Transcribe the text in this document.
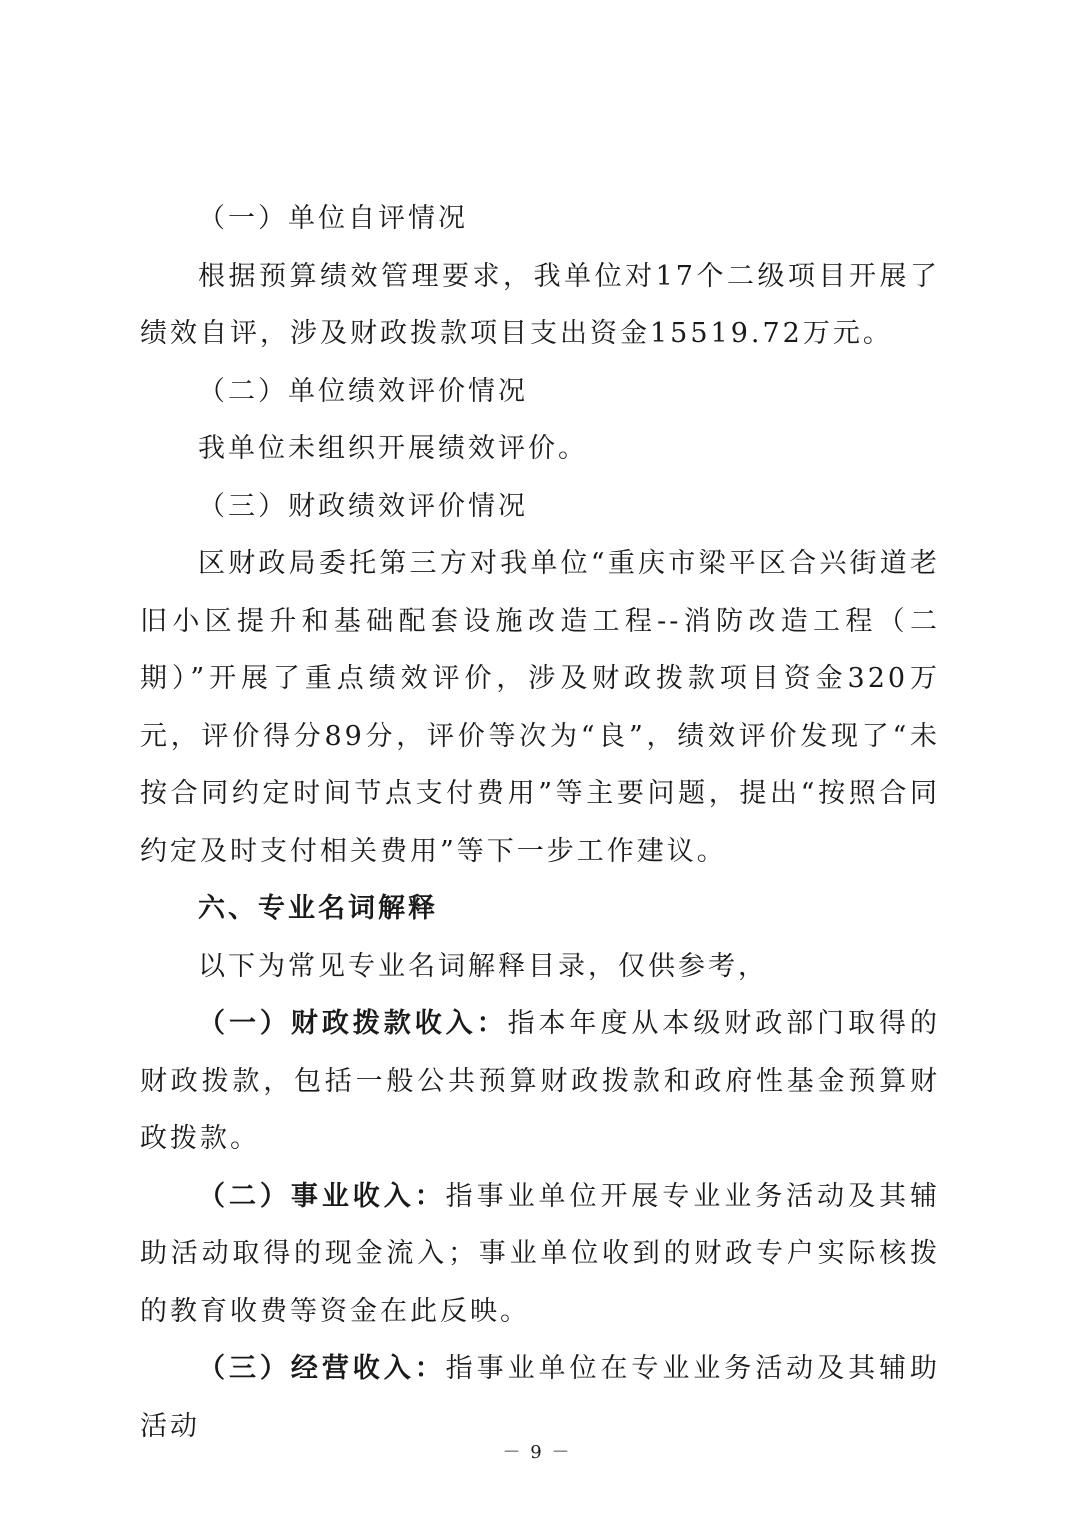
（一）单位自评情况

根据预算绩效管理要求，我单位对17个二级项目开展了绩效自评，涉及财政拨款项目支出资金15519.72万元。

（二）单位绩效评价情况

我单位未组织开展绩效评价。

（三）财政绩效评价情况

区财政局委托第三方对我单位“重庆市梁平区合兴街道老旧小区提升和基础配套设施改造工程--消防改造工程（二期）”开展了重点绩效评价，涉及财政拨款项目资金320万元，评价得分89分，评价等次为“良”，绩效评价发现了“未按合同约定时间节点支付费用”等主要问题，提出“按照合同约定及时支付相关费用”等下一步工作建议。

六、专业名词解释

以下为常见专业名词解释目录，仅供参考，

（一）财政拨款收入：指本年度从本级财政部门取得的财政拨款，包括一般公共预算财政拨款和政府性基金预算财政拨款。

（二）事业收入：指事业单位开展专业业务活动及其辅助活动取得的现金流入；事业单位收到的财政专户实际核拨的教育收费等资金在此反映。

（三）经营收入：指事业单位在专业业务活动及其辅助活动

－ 9 －
